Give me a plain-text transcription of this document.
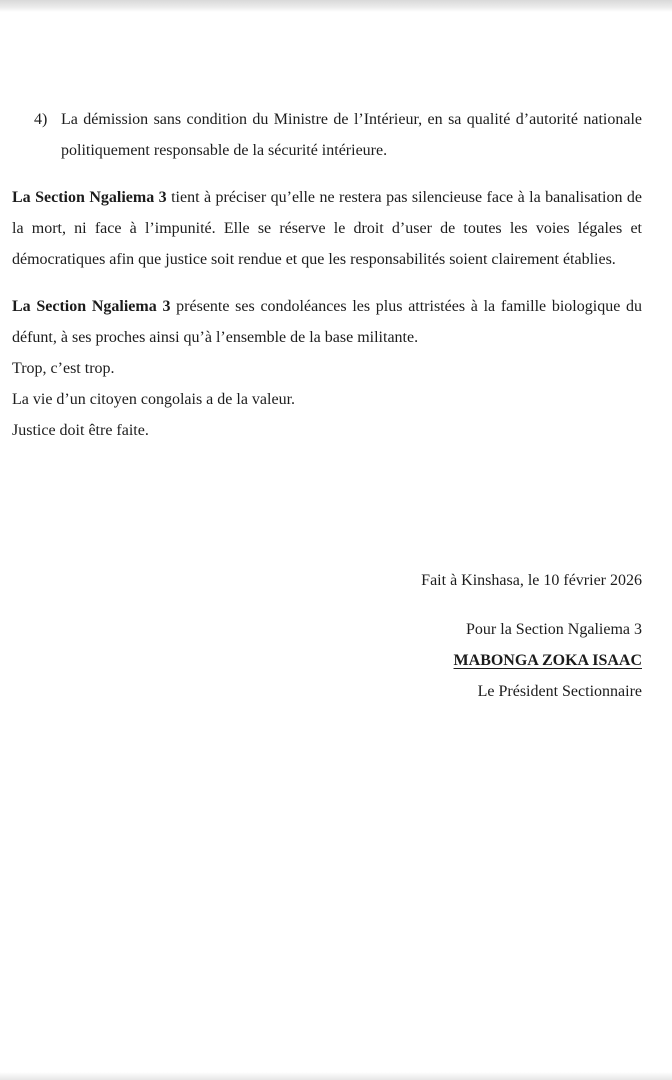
4) La démission sans condition du Ministre de l’Intérieur, en sa qualité d’autorité nationale politiquement responsable de la sécurité intérieure.

La Section Ngaliema 3 tient à préciser qu’elle ne restera pas silencieuse face à la banalisation de la mort, ni face à l’impunité. Elle se réserve le droit d’user de toutes les voies légales et démocratiques afin que justice soit rendue et que les responsabilités soient clairement établies.

La Section Ngaliema 3 présente ses condoléances les plus attristées à la famille biologique du défunt, à ses proches ainsi qu’à l’ensemble de la base militante.

Trop, c’est trop.
La vie d’un citoyen congolais a de la valeur.
Justice doit être faite.
Fait à Kinshasa, le 10 février 2026
Pour la Section Ngaliema 3
MABONGA ZOKA ISAAC
Le Président Sectionnaire
